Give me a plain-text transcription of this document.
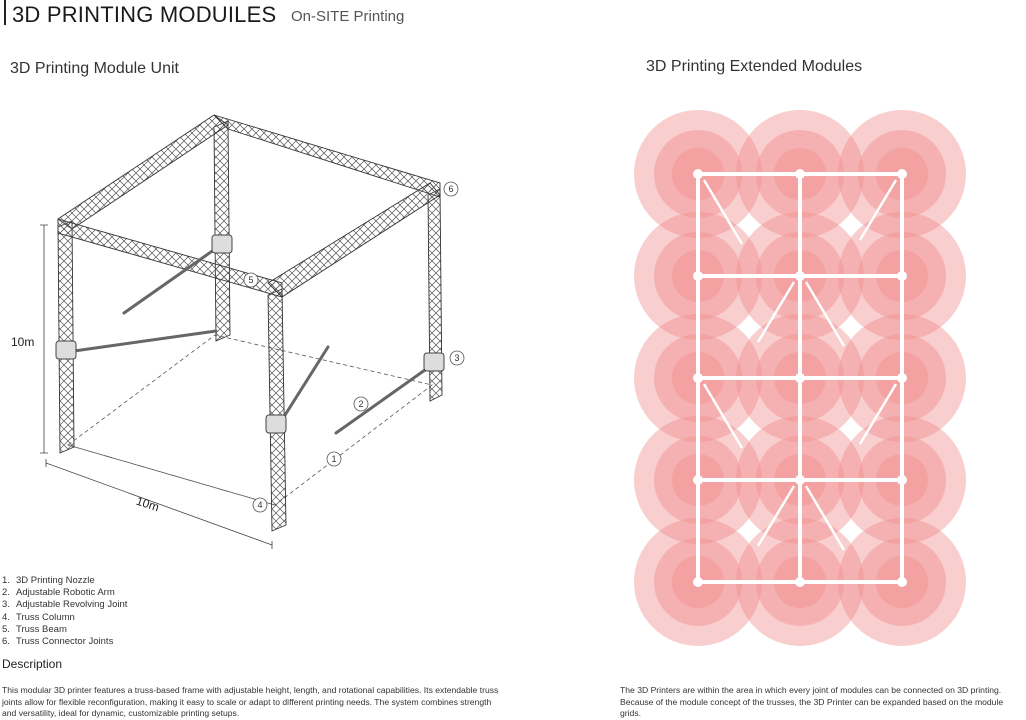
3D PRINTING MODUILES On-SITE Printing
3D Printing Module Unit	3D Printing Extended Modules
1
2
3
4
5
6
10m
10m
1. 3D Printing Nozzle
2. Adjustable Robotic Arm
3. Adjustable Revolving Joint
4. Truss Column
5. Truss Beam
6. Truss Connector Joints
Description
This modular 3D printer features a truss-based frame with adjustable height, length, and rotational capabilities. Its extendable truss joints allow for flexible reconfiguration, making it easy to scale or adapt to different printing needs. The system combines strength and versatility, ideal for dynamic, customizable printing setups.
The 3D Printers are within the area in which every joint of modules can be connected on 3D printing. Because of the module concept of the trusses, the 3D Printer can be expanded based on the module grids.
